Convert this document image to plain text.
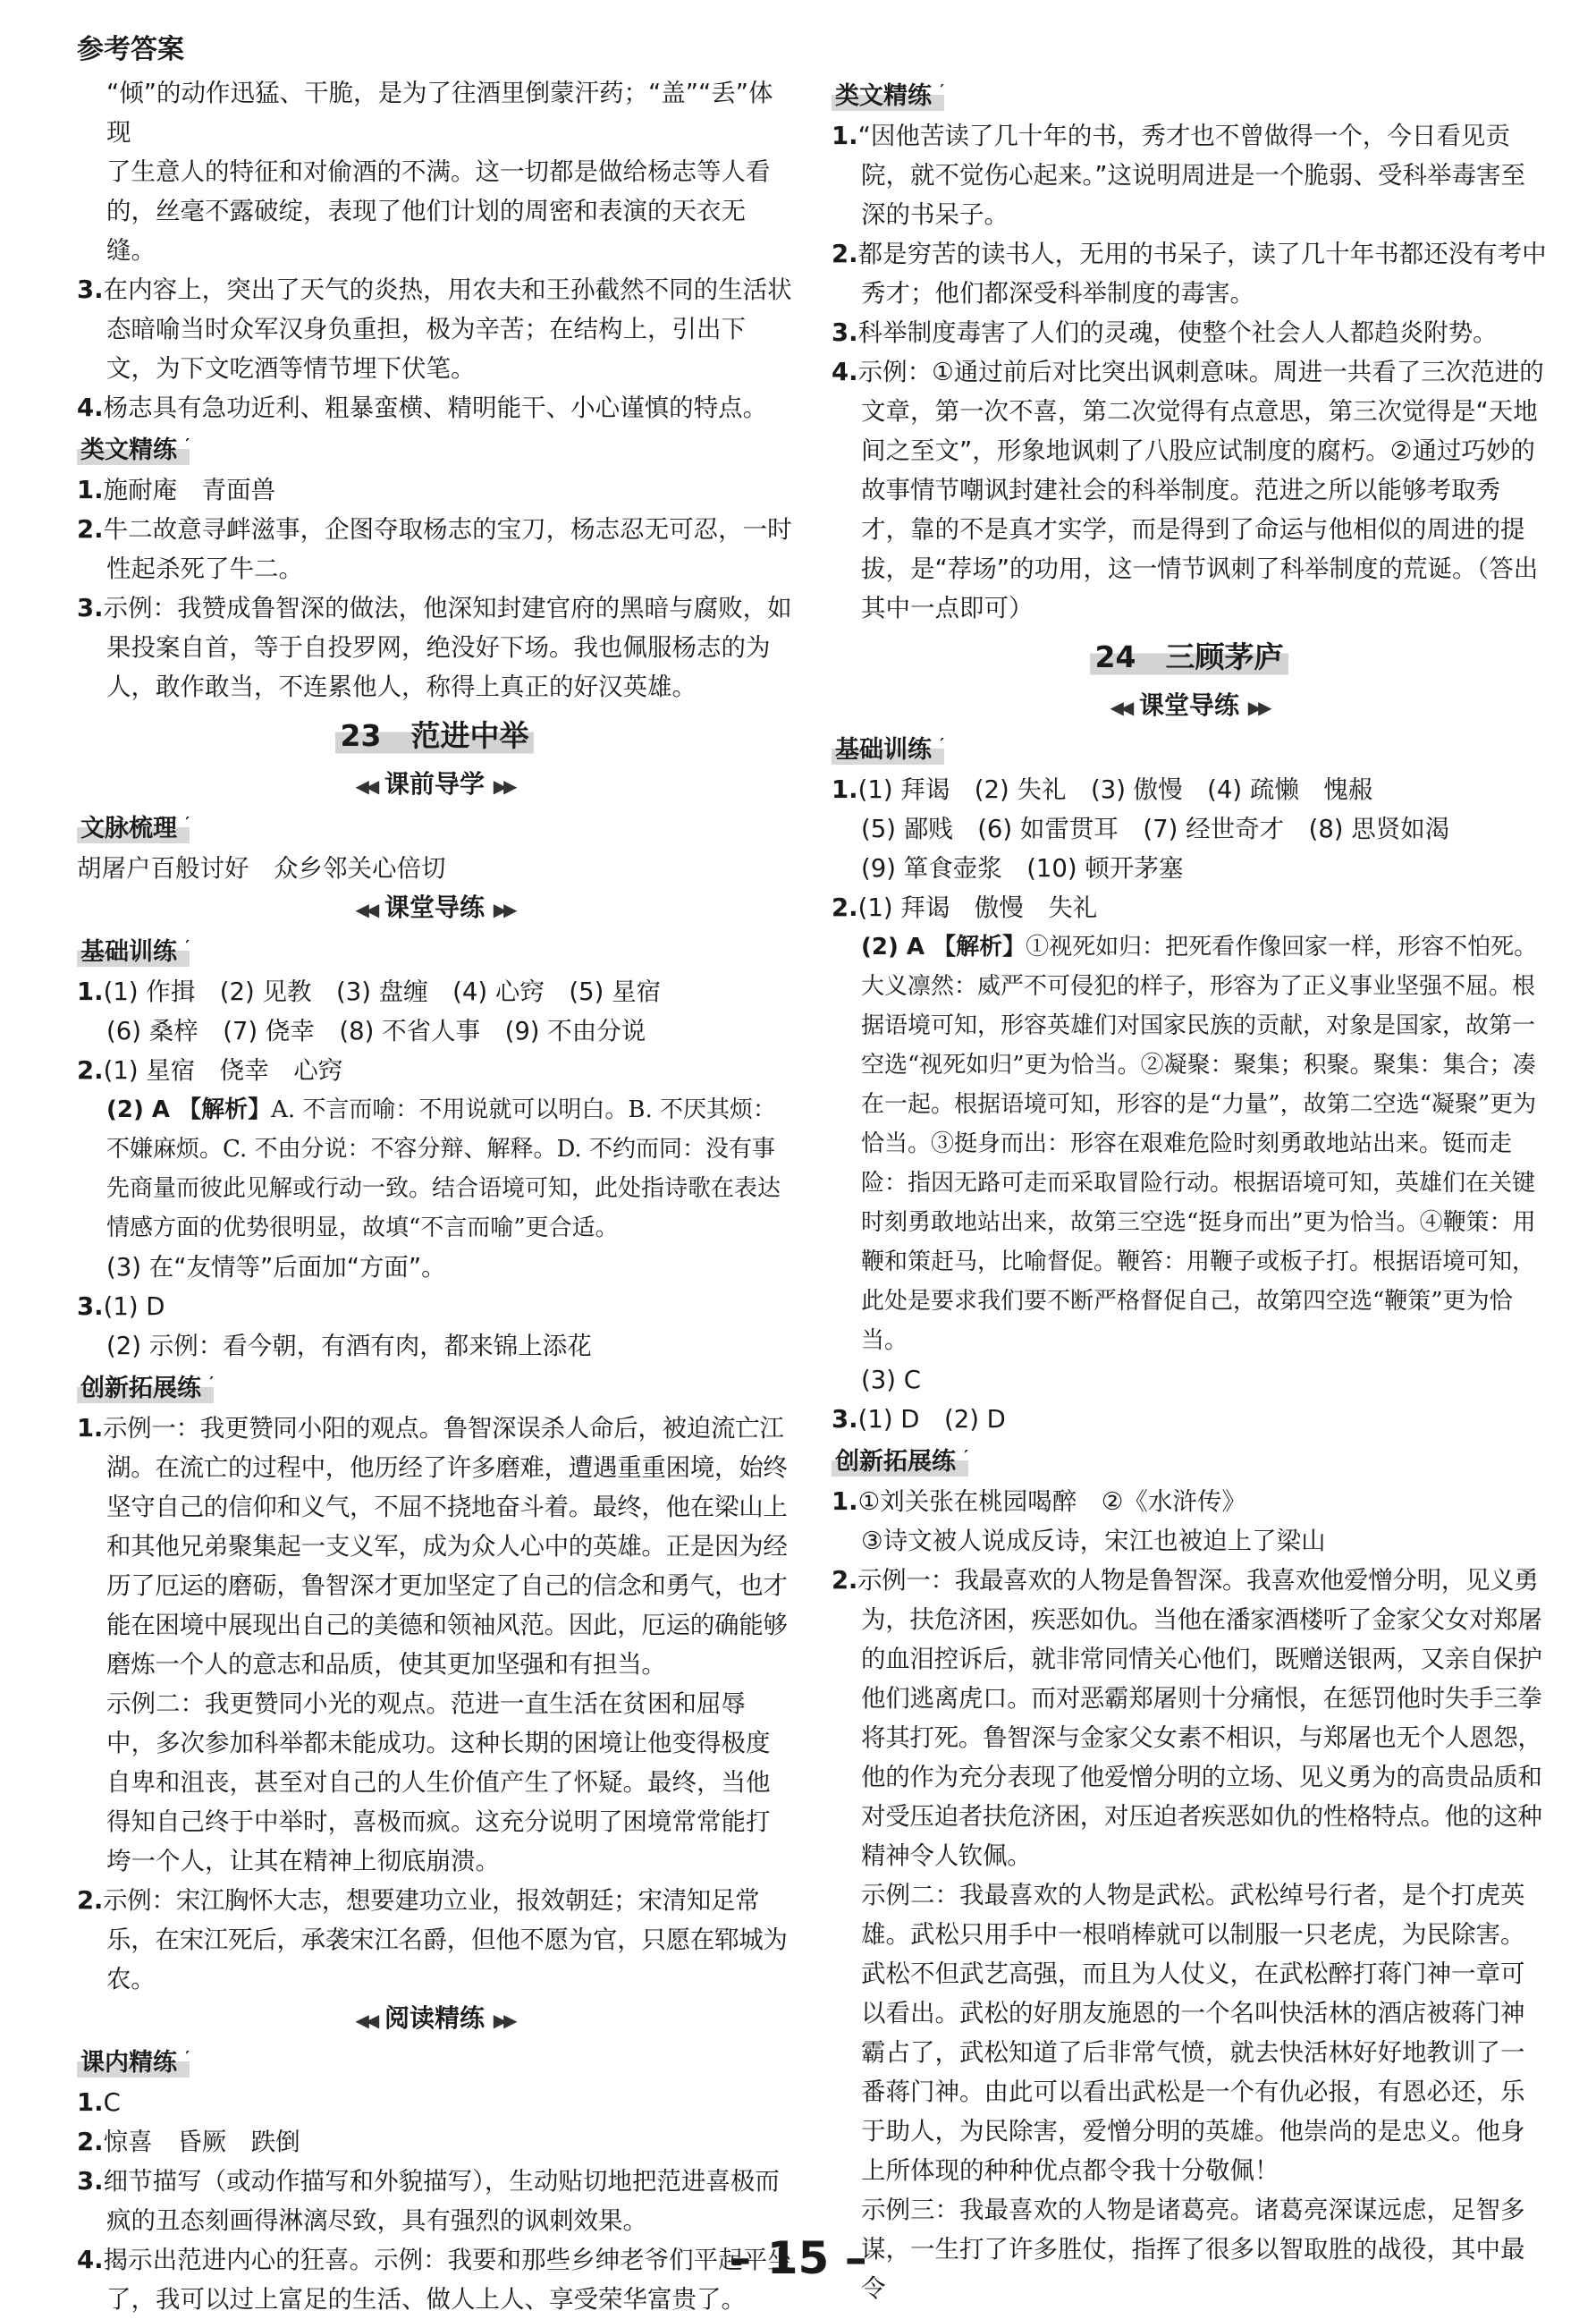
参考答案

“倾”的动作迅猛、干脆，是为了往酒里倒蒙汗药；“盖”“丢”体现

了生意人的特征和对偷酒的不满。这一切都是做给杨志等人看

的，丝毫不露破绽，表现了他们计划的周密和表演的天衣无缝。

3.在内容上，突出了天气的炎热，用农夫和王孙截然不同的生活状态暗喻当时众军汉身负重担，极为辛苦；在结构上，引出下文，为下文吃酒等情节埋下伏笔。

4.杨志具有急功近利、粗暴蛮横、精明能干、小心谨慎的特点。

类文精练 ′

1.施耐庵　青面兽

2.牛二故意寻衅滋事，企图夺取杨志的宝刀，杨志忍无可忍，一时性起杀死了牛二。

3.示例：我赞成鲁智深的做法，他深知封建官府的黑暗与腐败，如果投案自首，等于自投罗网，绝没好下场。我也佩服杨志的为人，敢作敢当，不连累他人，称得上真正的好汉英雄。

23　范进中举

◀◀ 课前导学 ▶▶

文脉梳理 ′

胡屠户百般讨好　众乡邻关心倍切

◀◀ 课堂导练 ▶▶

基础训练 ′

1.(1) 作揖　(2) 见教　(3) 盘缠　(4) 心窍　(5) 星宿

(6) 桑梓　(7) 侥幸　(8) 不省人事　(9) 不由分说

2.(1) 星宿　侥幸　心窍

(2) A 【解析】A. 不言而喻：不用说就可以明白。B. 不厌其烦：不嫌麻烦。C. 不由分说：不容分辩、解释。D. 不约而同：没有事先商量而彼此见解或行动一致。结合语境可知，此处指诗歌在表达情感方面的优势很明显，故填“不言而喻”更合适。

(3) 在“友情等”后面加“方面”。

3.(1) D

(2) 示例：看今朝，有酒有肉，都来锦上添花

创新拓展练 ′

1.示例一：我更赞同小阳的观点。鲁智深误杀人命后，被迫流亡江湖。在流亡的过程中，他历经了许多磨难，遭遇重重困境，始终坚守自己的信仰和义气，不屈不挠地奋斗着。最终，他在梁山上和其他兄弟聚集起一支义军，成为众人心中的英雄。正是因为经历了厄运的磨砺，鲁智深才更加坚定了自己的信念和勇气，也才能在困境中展现出自己的美德和领袖风范。因此，厄运的确能够磨炼一个人的意志和品质，使其更加坚强和有担当。

示例二：我更赞同小光的观点。范进一直生活在贫困和屈辱中，多次参加科举都未能成功。这种长期的困境让他变得极度自卑和沮丧，甚至对自己的人生价值产生了怀疑。最终，当他得知自己终于中举时，喜极而疯。这充分说明了困境常常能打垮一个人，让其在精神上彻底崩溃。

2.示例：宋江胸怀大志，想要建功立业，报效朝廷；宋清知足常乐，在宋江死后，承袭宋江名爵，但他不愿为官，只愿在郓城为农。

◀◀ 阅读精练 ▶▶

课内精练 ′

1.C

2.惊喜　昏厥　跌倒

3.细节描写（或动作描写和外貌描写），生动贴切地把范进喜极而疯的丑态刻画得淋漓尽致，具有强烈的讽刺效果。

4.揭示出范进内心的狂喜。示例：我要和那些乡绅老爷们平起平坐了，我可以过上富足的生活、做人上人、享受荣华富贵了。

类文精练 ′

1.“因他苦读了几十年的书，秀才也不曾做得一个，今日看见贡院，就不觉伤心起来。”这说明周进是一个脆弱、受科举毒害至深的书呆子。

2.都是穷苦的读书人，无用的书呆子，读了几十年书都还没有考中秀才；他们都深受科举制度的毒害。

3.科举制度毒害了人们的灵魂，使整个社会人人都趋炎附势。

4.示例：①通过前后对比突出讽刺意味。周进一共看了三次范进的文章，第一次不喜，第二次觉得有点意思，第三次觉得是“天地间之至文”，形象地讽刺了八股应试制度的腐朽。②通过巧妙的故事情节嘲讽封建社会的科举制度。范进之所以能够考取秀才，靠的不是真才实学，而是得到了命运与他相似的周进的提拔，是“荐场”的功用，这一情节讽刺了科举制度的荒诞。（答出其中一点即可）

24　三顾茅庐

◀◀ 课堂导练 ▶▶

基础训练 ′

1.(1) 拜谒　(2) 失礼　(3) 傲慢　(4) 疏懒　愧赧

(5) 鄙贱　(6) 如雷贯耳　(7) 经世奇才　(8) 思贤如渴

(9) 箪食壶浆　(10) 顿开茅塞

2.(1) 拜谒　傲慢　失礼

(2) A 【解析】①视死如归：把死看作像回家一样，形容不怕死。大义凛然：威严不可侵犯的样子，形容为了正义事业坚强不屈。根据语境可知，形容英雄们对国家民族的贡献，对象是国家，故第一空选“视死如归”更为恰当。②凝聚：聚集；积聚。聚集：集合；凑在一起。根据语境可知，形容的是“力量”，故第二空选“凝聚”更为恰当。③挺身而出：形容在艰难危险时刻勇敢地站出来。铤而走险：指因无路可走而采取冒险行动。根据语境可知，英雄们在关键时刻勇敢地站出来，故第三空选“挺身而出”更为恰当。④鞭策：用鞭和策赶马，比喻督促。鞭笞：用鞭子或板子打。根据语境可知，此处是要求我们要不断严格督促自己，故第四空选“鞭策”更为恰当。

(3) C

3.(1) D　(2) D

创新拓展练 ′

1.①刘关张在桃园喝醉　②《水浒传》

③诗文被人说成反诗，宋江也被迫上了梁山

2.示例一：我最喜欢的人物是鲁智深。我喜欢他爱憎分明，见义勇为，扶危济困，疾恶如仇。当他在潘家酒楼听了金家父女对郑屠的血泪控诉后，就非常同情关心他们，既赠送银两，又亲自保护他们逃离虎口。而对恶霸郑屠则十分痛恨，在惩罚他时失手三拳将其打死。鲁智深与金家父女素不相识，与郑屠也无个人恩怨，他的作为充分表现了他爱憎分明的立场、见义勇为的高贵品质和对受压迫者扶危济困，对压迫者疾恶如仇的性格特点。他的这种精神令人钦佩。

示例二：我最喜欢的人物是武松。武松绰号行者，是个打虎英雄。武松只用手中一根哨棒就可以制服一只老虎，为民除害。武松不但武艺高强，而且为人仗义，在武松醉打蒋门神一章可以看出。武松的好朋友施恩的一个名叫快活林的酒店被蒋门神霸占了，武松知道了后非常气愤，就去快活林好好地教训了一番蒋门神。由此可以看出武松是一个有仇必报，有恩必还，乐于助人，为民除害，爱憎分明的英雄。他崇尚的是忠义。他身上所体现的种种优点都令我十分敬佩！

示例三：我最喜欢的人物是诸葛亮。诸葛亮深谋远虑，足智多谋，一生打了许多胜仗，指挥了很多以智取胜的战役，其中最令

– 15 –
